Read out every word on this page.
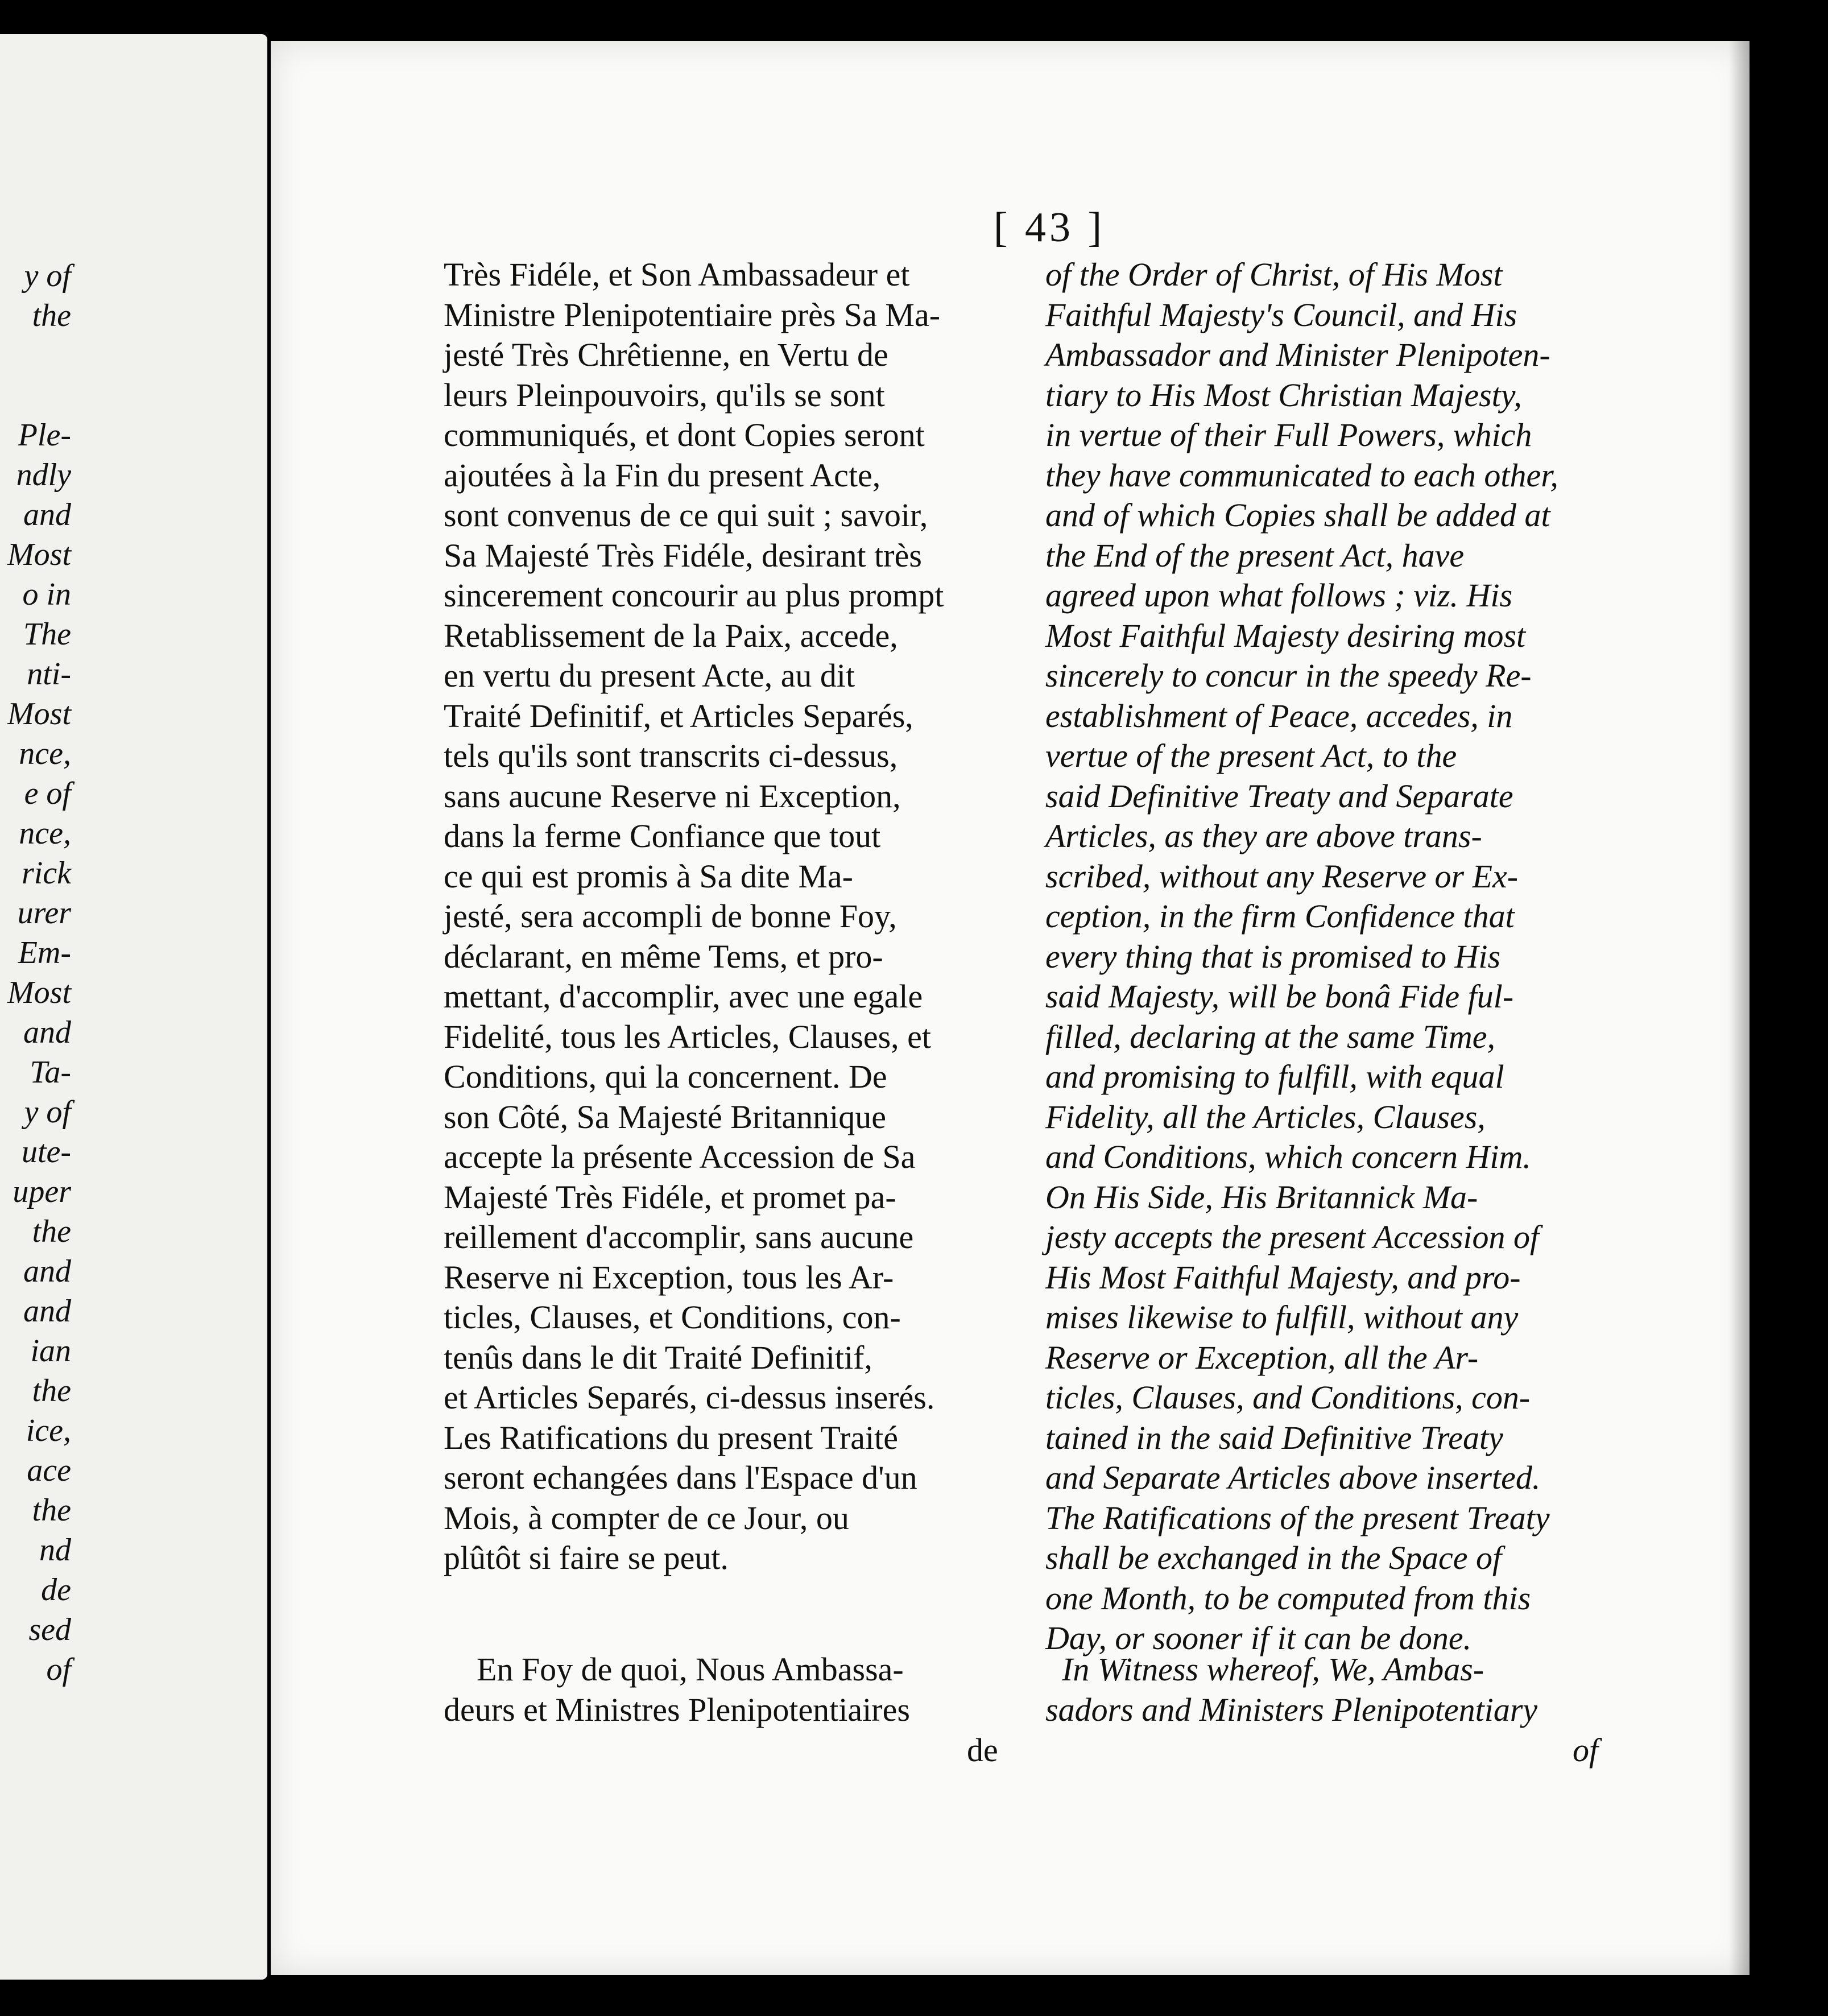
y of
the

Ple-
ndly
and
Most
o in
The
nti-
Most
nce,
e of
nce,
rick
urer
Em-
Most
and
Ta-
y of
ute-
uper
the
and
and
ian
the
ice,
ace
the
nd
de
sed
of
[ 43 ]
Très Fidéle, et Son Ambassadeur et
Ministre Plenipotentiaire près Sa Ma-
jesté Très Chrêtienne, en Vertu de
leurs Pleinpouvoirs, qu'ils se sont
communiqués, et dont Copies seront
ajoutées à la Fin du present Acte,
sont convenus de ce qui suit ; savoir,
Sa Majesté Très Fidéle, desirant très
sincerement concourir au plus prompt
Retablissement de la Paix, accede,
en vertu du present Acte, au dit
Traité Definitif, et Articles Separés,
tels qu'ils sont transcrits ci-dessus,
sans aucune Reserve ni Exception,
dans la ferme Confiance que tout
ce qui est promis à Sa dite Ma-
jesté, sera accompli de bonne Foy,
déclarant, en même Tems, et pro-
mettant, d'accomplir, avec une egale
Fidelité, tous les Articles, Clauses, et
Conditions, qui la concernent. De
son Côté, Sa Majesté Britannique
accepte la présente Accession de Sa
Majesté Très Fidéle, et promet pa-
reillement d'accomplir, sans aucune
Reserve ni Exception, tous les Ar-
ticles, Clauses, et Conditions, con-
tenûs dans le dit Traité Definitif,
et Articles Separés, ci-dessus inserés.
Les Ratifications du present Traité
seront echangées dans l'Espace d'un
Mois, à compter de ce Jour, ou
plûtôt si faire se peut.
of the Order of Christ, of His Most
Faithful Majesty's Council, and His
Ambassador and Minister Plenipoten-
tiary to His Most Christian Majesty,
in vertue of their Full Powers, which
they have communicated to each other,
and of which Copies shall be added at
the End of the present Act, have
agreed upon what follows ; viz. His
Most Faithful Majesty desiring most
sincerely to concur in the speedy Re-
establishment of Peace, accedes, in
vertue of the present Act, to the
said Definitive Treaty and Separate
Articles, as they are above trans-
scribed, without any Reserve or Ex-
ception, in the firm Confidence that
every thing that is promised to His
said Majesty, will be bonâ Fide ful-
filled, declaring at the same Time,
and promising to fulfill, with equal
Fidelity, all the Articles, Clauses,
and Conditions, which concern Him.
On His Side, His Britannick Ma-
jesty accepts the present Accession of
His Most Faithful Majesty, and pro-
mises likewise to fulfill, without any
Reserve or Exception, all the Ar-
ticles, Clauses, and Conditions, con-
tained in the said Definitive Treaty
and Separate Articles above inserted.
The Ratifications of the present Treaty
shall be exchanged in the Space of
one Month, to be computed from this
Day, or sooner if it can be done.
En Foy de quoi, Nous Ambassa-
deurs et Ministres Plenipotentiaires
In Witness whereof, We, Ambas-
sadors and Ministers Plenipotentiary
de	of
